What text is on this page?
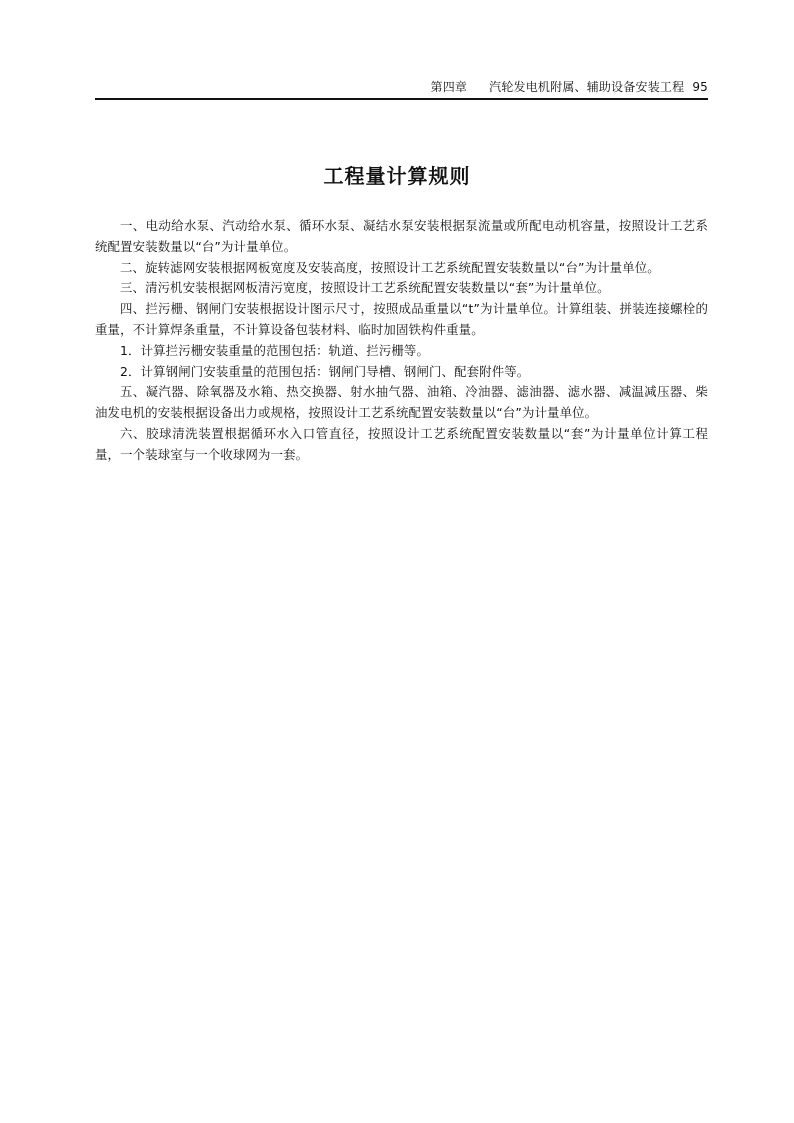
第四章 汽轮发电机附属、辅助设备安装工程 95
工程量计算规则

一、电动给水泵、汽动给水泵、循环水泵、凝结水泵安装根据泵流量或所配电动机容量，按照设计工艺系统配置安装数量以“台”为计量单位。

二、旋转滤网安装根据网板宽度及安装高度，按照设计工艺系统配置安装数量以“台”为计量单位。

三、清污机安装根据网板清污宽度，按照设计工艺系统配置安装数量以“套”为计量单位。

四、拦污栅、钢闸门安装根据设计图示尺寸，按照成品重量以“t”为计量单位。计算组装、拼装连接螺栓的重量，不计算焊条重量，不计算设备包装材料、临时加固铁构件重量。

1．计算拦污栅安装重量的范围包括：轨道、拦污栅等。

2．计算钢闸门安装重量的范围包括：钢闸门导槽、钢闸门、配套附件等。

五、凝汽器、除氧器及水箱、热交换器、射水抽气器、油箱、冷油器、滤油器、滤水器、减温减压器、柴油发电机的安装根据设备出力或规格，按照设计工艺系统配置安装数量以“台”为计量单位。

六、胶球清洗装置根据循环水入口管直径，按照设计工艺系统配置安装数量以“套”为计量单位计算工程量，一个装球室与一个收球网为一套。
